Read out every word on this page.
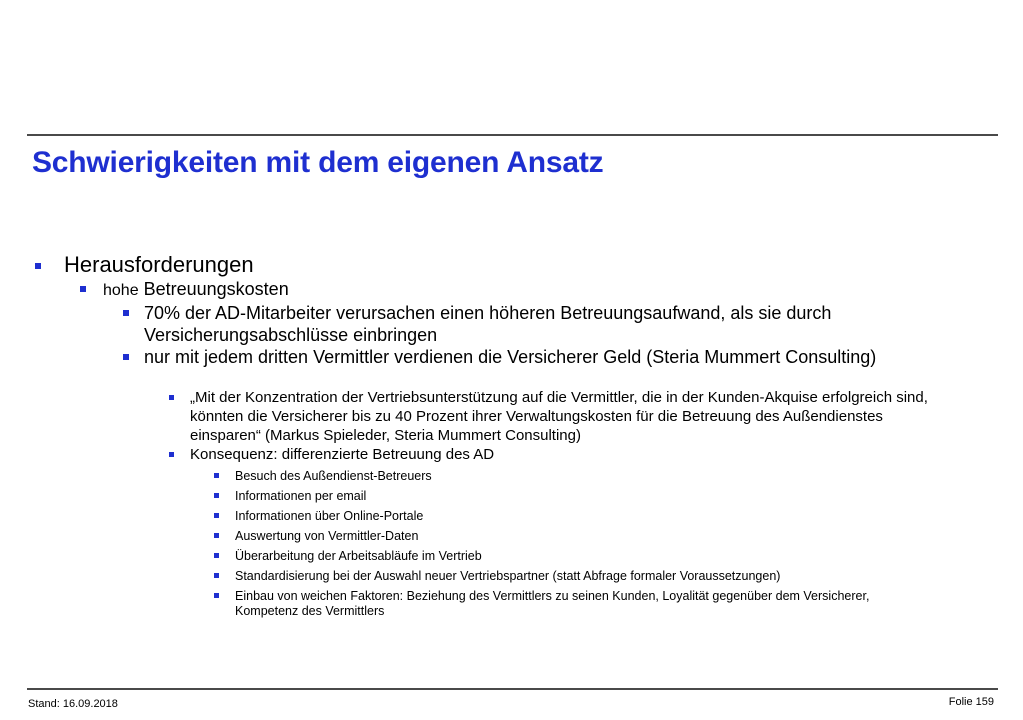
Schwierigkeiten mit dem eigenen Ansatz
Herausforderungen
hohe Betreuungskosten
70% der AD-Mitarbeiter verursachen einen höheren Betreuungsaufwand, als sie durch Versicherungsabschlüsse einbringen
nur mit jedem dritten Vermittler verdienen die Versicherer Geld (Steria Mummert Consulting)
„Mit der Konzentration der Vertriebsunterstützung auf die Vermittler, die in der Kunden-Akquise erfolgreich sind, könnten die Versicherer bis zu 40 Prozent ihrer Verwaltungskosten für die Betreuung des Außendienstes einsparen“ (Markus Spieleder, Steria Mummert Consulting)
Konsequenz: differenzierte Betreuung des AD
Besuch des Außendienst-Betreuers
Informationen per email
Informationen über Online-Portale
Auswertung von Vermittler-Daten
Überarbeitung der Arbeitsabläufe im Vertrieb
Standardisierung bei der Auswahl neuer Vertriebspartner (statt Abfrage formaler Voraussetzungen)
Einbau von weichen Faktoren: Beziehung des Vermittlers zu seinen Kunden, Loyalität gegenüber dem Versicherer, Kompetenz des Vermittlers
Stand: 16.09.2018	Folie 159
